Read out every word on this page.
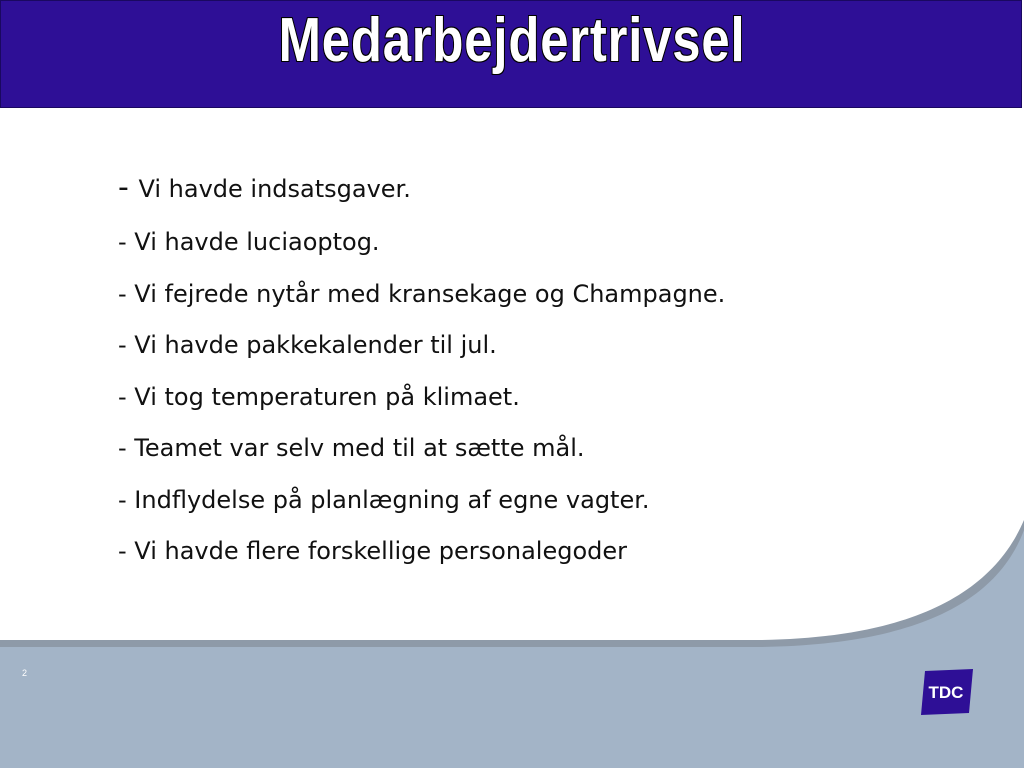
Medarbejdertrivsel
- Vi havde indsatsgaver.
- Vi havde luciaoptog.
- Vi fejrede nytår med kransekage og Champagne.
- Vi havde pakkekalender til jul.
- Vi tog temperaturen på klimaet.
- Teamet var selv med til at sætte mål.
- Indflydelse på planlægning af egne vagter.
- Vi havde flere forskellige personalegoder
2
TDC
